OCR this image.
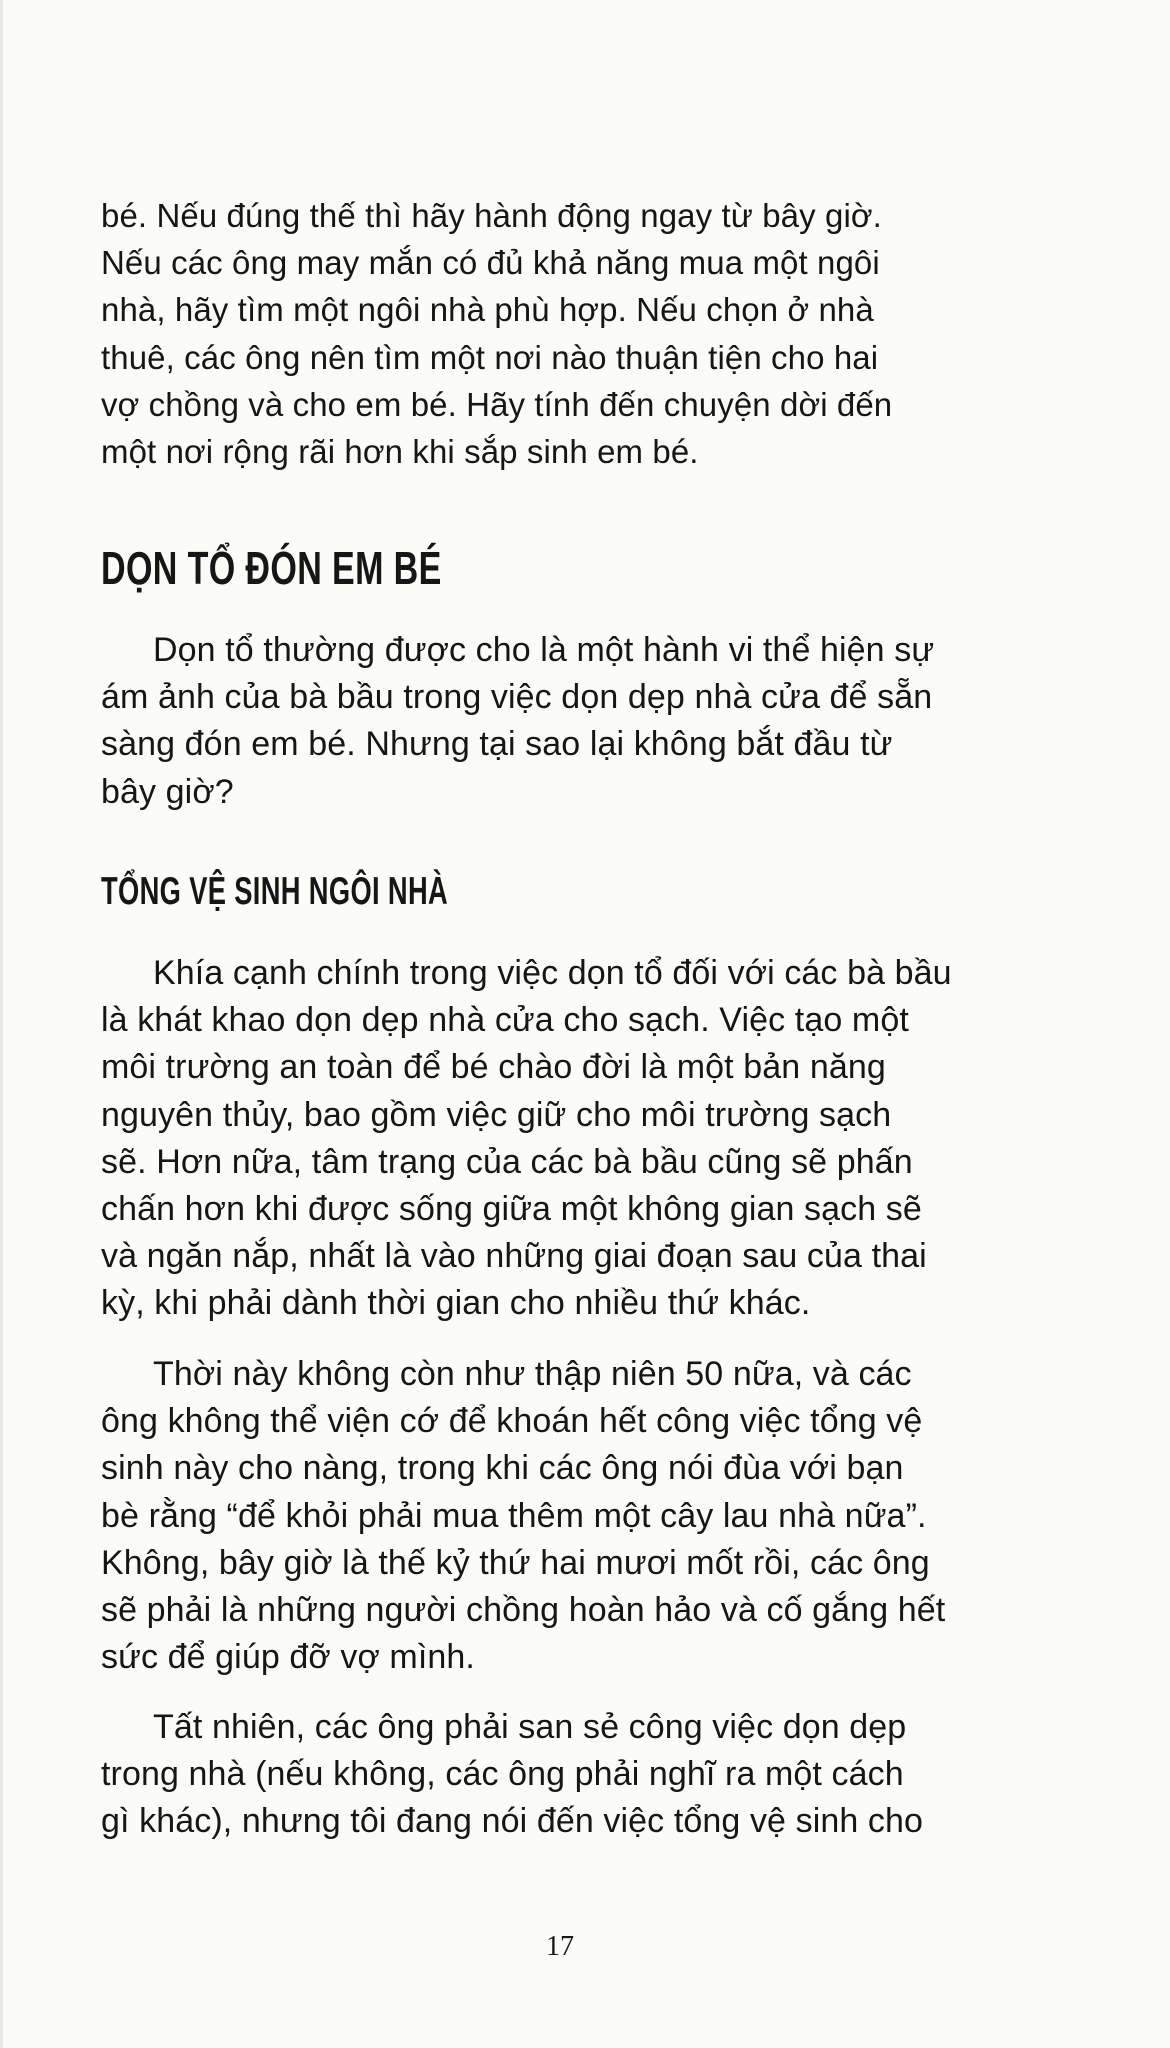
bé. Nếu đúng thế thì hãy hành động ngay từ bây giờ.
Nếu các ông may mắn có đủ khả năng mua một ngôi
nhà, hãy tìm một ngôi nhà phù hợp. Nếu chọn ở nhà
thuê, các ông nên tìm một nơi nào thuận tiện cho hai
vợ chồng và cho em bé. Hãy tính đến chuyện dời đến
một nơi rộng rãi hơn khi sắp sinh em bé.
DỌN TỔ ĐÓN EM BÉ
Dọn tổ thường được cho là một hành vi thể hiện sự
ám ảnh của bà bầu trong việc dọn dẹp nhà cửa để sẵn
sàng đón em bé. Nhưng tại sao lại không bắt đầu từ
bây giờ?
TỔNG VỆ SINH NGÔI NHÀ
Khía cạnh chính trong việc dọn tổ đối với các bà bầu
là khát khao dọn dẹp nhà cửa cho sạch. Việc tạo một
môi trường an toàn để bé chào đời là một bản năng
nguyên thủy, bao gồm việc giữ cho môi trường sạch
sẽ. Hơn nữa, tâm trạng của các bà bầu cũng sẽ phấn
chấn hơn khi được sống giữa một không gian sạch sẽ
và ngăn nắp, nhất là vào những giai đoạn sau của thai
kỳ, khi phải dành thời gian cho nhiều thứ khác.
Thời này không còn như thập niên 50 nữa, và các
ông không thể viện cớ để khoán hết công việc tổng vệ
sinh này cho nàng, trong khi các ông nói đùa với bạn
bè rằng “để khỏi phải mua thêm một cây lau nhà nữa”.
Không, bây giờ là thế kỷ thứ hai mươi mốt rồi, các ông
sẽ phải là những người chồng hoàn hảo và cố gắng hết
sức để giúp đỡ vợ mình.
Tất nhiên, các ông phải san sẻ công việc dọn dẹp
trong nhà (nếu không, các ông phải nghĩ ra một cách
gì khác), nhưng tôi đang nói đến việc tổng vệ sinh cho
17
